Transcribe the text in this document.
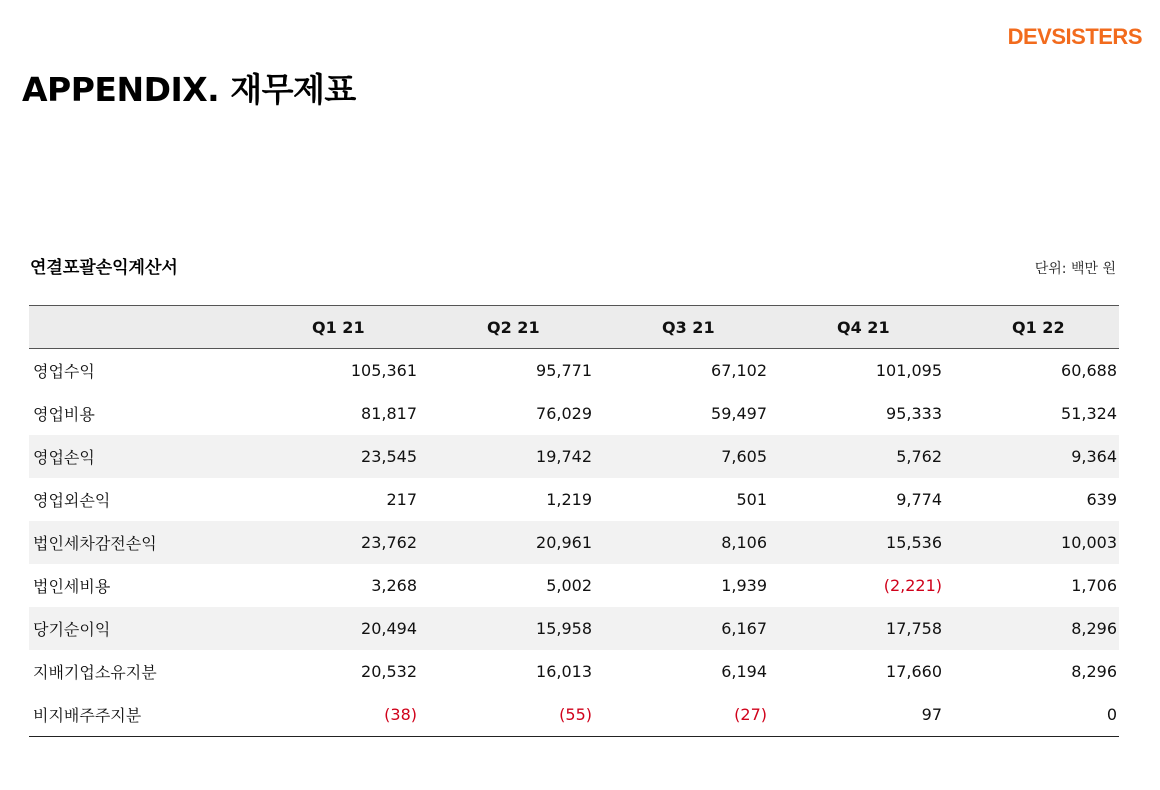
DEVSISTERS
APPENDIX. 재무제표
연결포괄손익계산서	단위: 백만 원
	Q1 21	Q2 21	Q3 21	Q4 21	Q1 22
영업수익	105,361	95,771	67,102	101,095	60,688
영업비용	81,817	76,029	59,497	95,333	51,324
영업손익	23,545	19,742	7,605	5,762	9,364
영업외손익	217	1,219	501	9,774	639
법인세차감전손익	23,762	20,961	8,106	15,536	10,003
법인세비용	3,268	5,002	1,939	(2,221)	1,706
당기순이익	20,494	15,958	6,167	17,758	8,296
지배기업소유지분	20,532	16,013	6,194	17,660	8,296
비지배주주지분	(38)	(55)	(27)	97	0
